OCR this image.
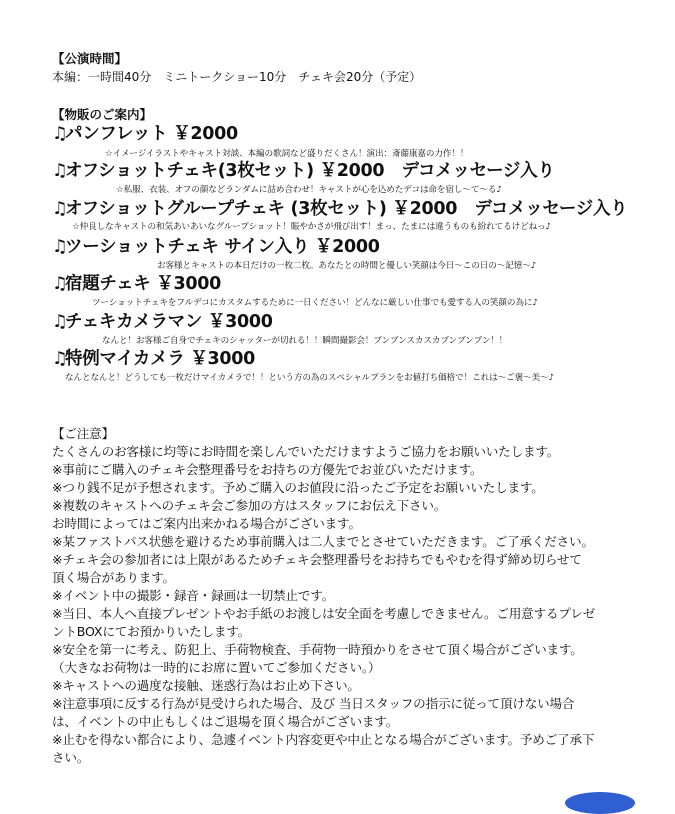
【公演時間】
本編：一時間40分　ミニトークショー10分　チェキ会20分（予定）
【物販のご案内】
♫パンフレット ￥2000
☆イメージイラストやキャスト対談、本編の歌詞など盛りだくさん！演出：斎藤康嘉の力作！！
♫オフショットチェキ(3枚セット) ￥2000　デコメッセージ入り
☆私服、衣装、オフの顔などランダムに詰め合わせ！キャストが心を込めたデコは命を宿し〜て〜る♪
♫オフショットグループチェキ (3枚セット) ￥2000　デコメッセージ入り
☆仲良しなキャストの和気あいあいなグループショット！賑やかさが飛び出す！まっ、たまには違うものも紛れてるけどねっ♪
♫ツーショットチェキ サイン入り ￥2000
お客様とキャストの本日だけの一枚二枚。あなたとの時間と優しい笑顔は今日〜この日の〜記憶〜♪
♫宿題チェキ ￥3000
ツーショットチェキをフルデコにカスタムするために一日ください！どんなに厳しい仕事でも愛する人の笑顔の為に♪
♫チェキカメラマン ￥3000
なんと！お客様ご自身でチェキのシャッターが切れる！！瞬間撮影会！ブンブンスカスカブンブンブン！！
♫特例マイカメラ ￥3000
なんとなんと！どうしても一枚だけマイカメラで！！という方の為のスペシャルプランをお値打ち価格で！これは〜ご褒〜美〜♪
【ご注意】
たくさんのお客様に均等にお時間を楽しんでいただけますようご協力をお願いいたします。
※事前にご購入のチェキ会整理番号をお持ちの方優先でお並びいただけます。
※つり銭不足が予想されます。予めご購入のお値段に沿ったご予定をお願いいたします。
※複数のキャストへのチェキ会ご参加の方はスタッフにお伝え下さい。
お時間によってはご案内出来かねる場合がございます。
※某ファストパス状態を避けるため事前購入は二人までとさせていただきます。ご了承ください。
※チェキ会の参加者には上限があるためチェキ会整理番号をお持ちでもやむを得ず締め切らせて
頂く場合があります。
※イベント中の撮影・録音・録画は一切禁止です。
※当日、本人へ直接プレゼントやお手紙のお渡しは安全面を考慮しできません。ご用意するプレゼ
ントBOXにてお預かりいたします。
※安全を第一に考え、防犯上、手荷物検査、手荷物一時預かりをさせて頂く場合がございます。
（大きなお荷物は一時的にお席に置いてご参加ください。）
※キャストへの過度な接触、迷惑行為はお止め下さい。
※注意事項に反する行為が見受けられた場合、及び 当日スタッフの指示に従って頂けない場合
は、イベントの中止もしくはご退場を頂く場合がございます。
※止むを得ない都合により、急遽イベント内容変更や中止となる場合がございます。予めご了承下
さい。
